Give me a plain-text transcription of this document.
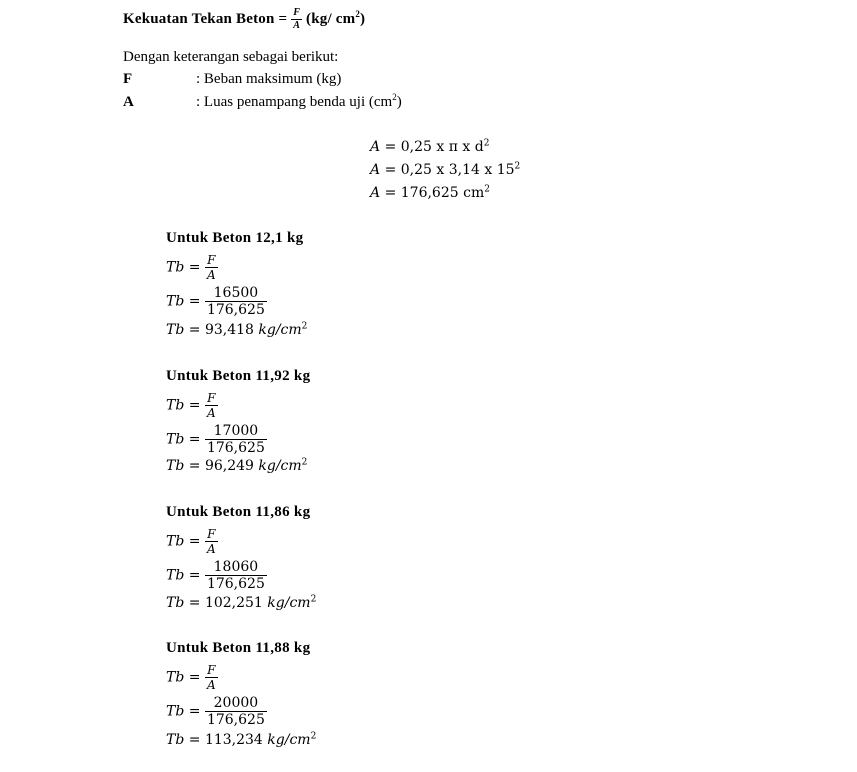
Kekuatan Tekan Beton = $\frac{F}{A} (kg/$ $cm^2$)
Dengan keterangan sebagai berikut:
F	: Beban maksimum (kg)
A	: Luas penampang benda uji $(cm^2)$
A = 0,25 x π x $d^2$
A = 0,25 x 3,14 x $15^2$
A = 176,625 $cm^2$
Untuk Beton 12,1 kg
$Tb = \frac{F}{A}$
$Tb = \frac{16500}{176,625}$
Tb = 93,418 $kg/cm^2$
Untuk Beton 11,92 kg
$Tb = \frac{F}{A}$
$Tb = \frac{17000}{176,625}$
Tb = 96,249 $kg/cm^2$
Untuk Beton 11,86 kg
$Tb = \frac{F}{A}$
$Tb = \frac{18060}{176,625}$
Tb = 102,251 $kg/cm^2$
Untuk Beton 11,88 kg
$Tb = \frac{F}{A}$
$Tb = \frac{20000}{176,625}$
Tb = 113,234 $kg/cm^2$
